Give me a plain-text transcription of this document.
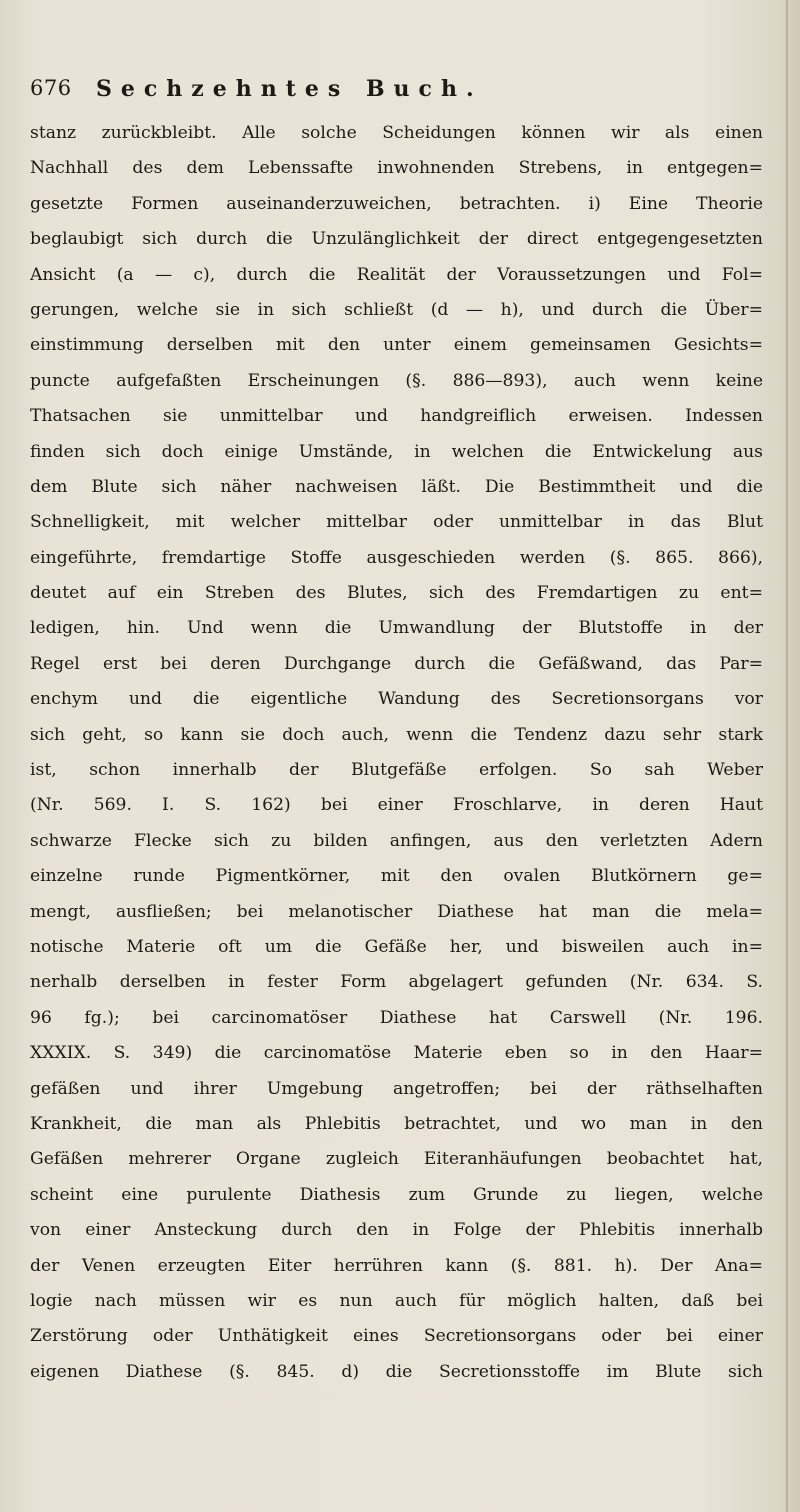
676 Sechzehntes Buch.
stanz zurückbleibt. Alle solche Scheidungen können wir als einen
Nachhall des dem Lebenssafte inwohnenden Strebens, in entgegen=
gesetzte Formen auseinanderzuweichen, betrachten. i) Eine Theorie
beglaubigt sich durch die Unzulänglichkeit der direct entgegengesetzten
Ansicht (a — c), durch die Realität der Voraussetzungen und Fol=
gerungen, welche sie in sich schließt (d — h), und durch die Über=
einstimmung derselben mit den unter einem gemeinsamen Gesichts=
puncte aufgefaßten Erscheinungen (§. 886—893), auch wenn keine
Thatsachen sie unmittelbar und handgreiflich erweisen. Indessen
finden sich doch einige Umstände, in welchen die Entwickelung aus
dem Blute sich näher nachweisen läßt. Die Bestimmtheit und die
Schnelligkeit, mit welcher mittelbar oder unmittelbar in das Blut
eingeführte, fremdartige Stoffe ausgeschieden werden (§. 865. 866),
deutet auf ein Streben des Blutes, sich des Fremdartigen zu ent=
ledigen, hin. Und wenn die Umwandlung der Blutstoffe in der
Regel erst bei deren Durchgange durch die Gefäßwand, das Par=
enchym und die eigentliche Wandung des Secretionsorgans vor
sich geht, so kann sie doch auch, wenn die Tendenz dazu sehr stark
ist, schon innerhalb der Blutgefäße erfolgen. So sah Weber
(Nr. 569. I. S. 162) bei einer Froschlarve, in deren Haut
schwarze Flecke sich zu bilden anfingen, aus den verletzten Adern
einzelne runde Pigmentkörner, mit den ovalen Blutkörnern ge=
mengt, ausfließen; bei melanotischer Diathese hat man die mela=
notische Materie oft um die Gefäße her, und bisweilen auch in=
nerhalb derselben in fester Form abgelagert gefunden (Nr. 634. S.
96 fg.); bei carcinomatöser Diathese hat Carswell (Nr. 196.
XXXIX. S. 349) die carcinomatöse Materie eben so in den Haar=
gefäßen und ihrer Umgebung angetroffen; bei der räthselhaften
Krankheit, die man als Phlebitis betrachtet, und wo man in den
Gefäßen mehrerer Organe zugleich Eiteranhäufungen beobachtet hat,
scheint eine purulente Diathesis zum Grunde zu liegen, welche
von einer Ansteckung durch den in Folge der Phlebitis innerhalb
der Venen erzeugten Eiter herrühren kann (§. 881. h). Der Ana=
logie nach müssen wir es nun auch für möglich halten, daß bei
Zerstörung oder Unthätigkeit eines Secretionsorgans oder bei einer
eigenen Diathese (§. 845. d) die Secretionsstoffe im Blute sich
